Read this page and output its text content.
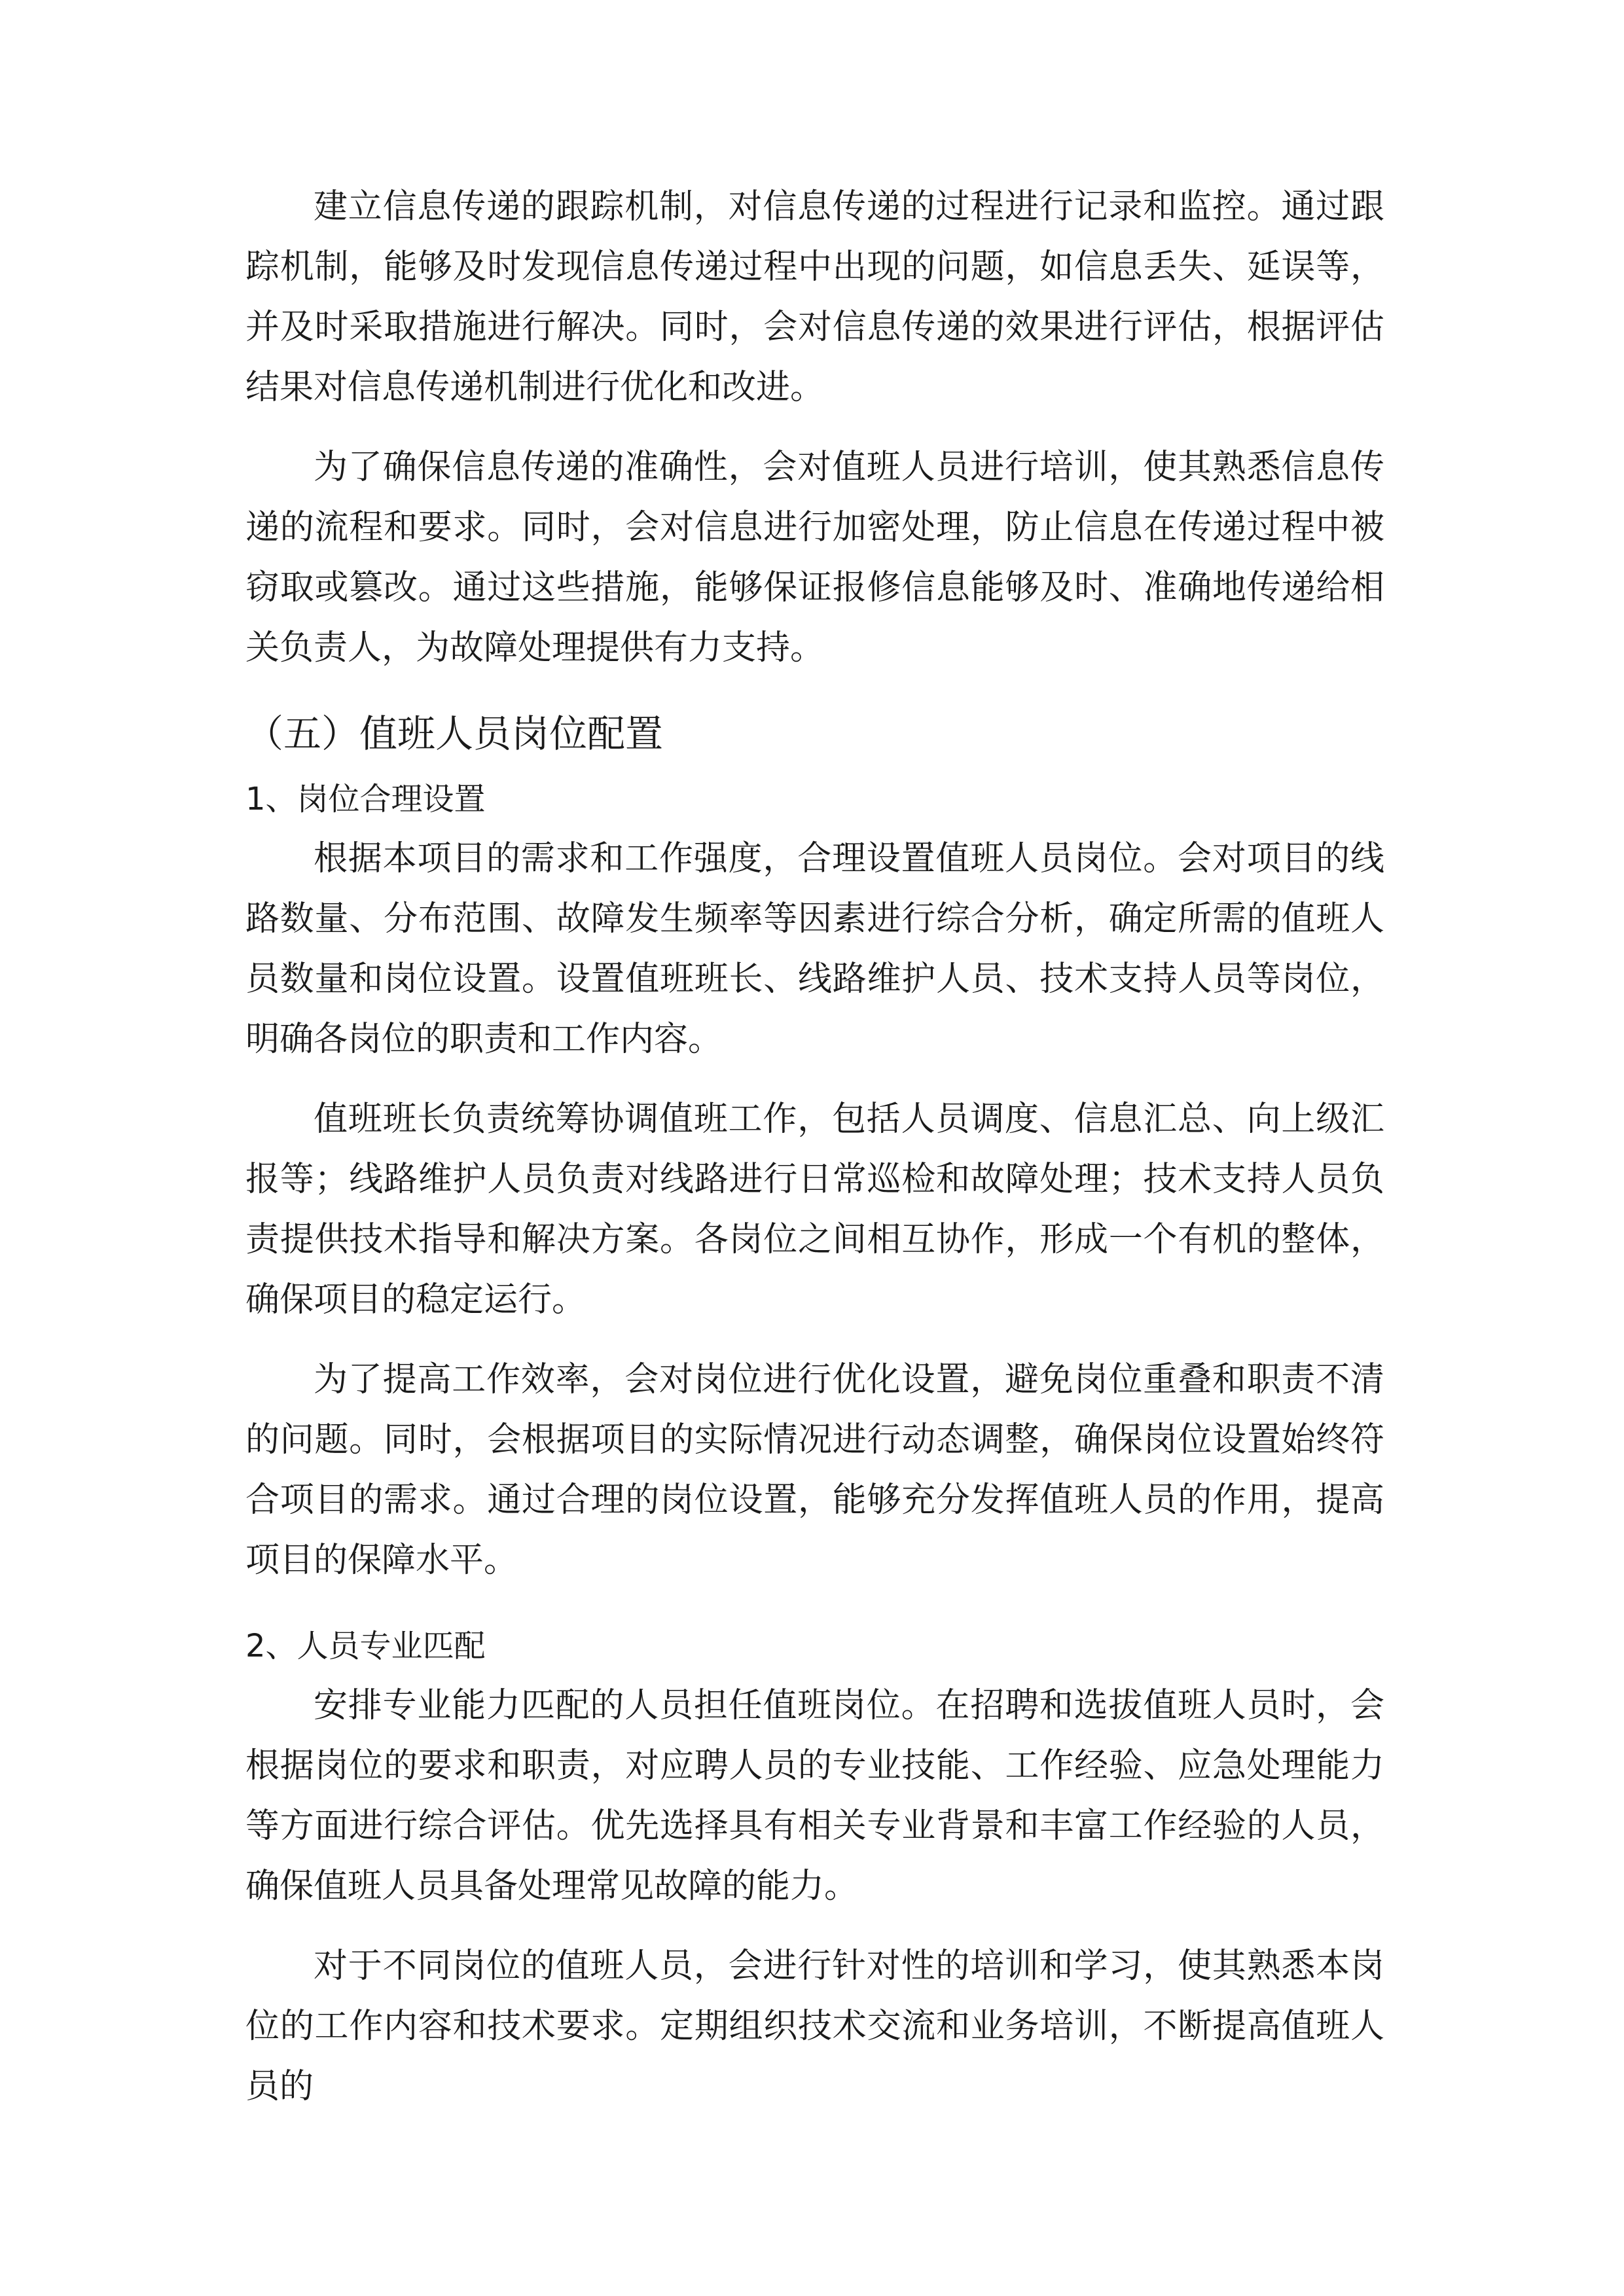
建立信息传递的跟踪机制，对信息传递的过程进行记录和监控。通过跟踪机制，能够及时发现信息传递过程中出现的问题，如信息丢失、延误等，并及时采取措施进行解决。同时，会对信息传递的效果进行评估，根据评估结果对信息传递机制进行优化和改进。

为了确保信息传递的准确性，会对值班人员进行培训，使其熟悉信息传递的流程和要求。同时，会对信息进行加密处理，防止信息在传递过程中被窃取或篡改。通过这些措施，能够保证报修信息能够及时、准确地传递给相关负责人，为故障处理提供有力支持。

（五）值班人员岗位配置
1、岗位合理设置

根据本项目的需求和工作强度，合理设置值班人员岗位。会对项目的线路数量、分布范围、故障发生频率等因素进行综合分析，确定所需的值班人员数量和岗位设置。设置值班班长、线路维护人员、技术支持人员等岗位，明确各岗位的职责和工作内容。

值班班长负责统筹协调值班工作，包括人员调度、信息汇总、向上级汇报等；线路维护人员负责对线路进行日常巡检和故障处理；技术支持人员负责提供技术指导和解决方案。各岗位之间相互协作，形成一个有机的整体，确保项目的稳定运行。

为了提高工作效率，会对岗位进行优化设置，避免岗位重叠和职责不清的问题。同时，会根据项目的实际情况进行动态调整，确保岗位设置始终符合项目的需求。通过合理的岗位设置，能够充分发挥值班人员的作用，提高项目的保障水平。

2、人员专业匹配

安排专业能力匹配的人员担任值班岗位。在招聘和选拔值班人员时，会根据岗位的要求和职责，对应聘人员的专业技能、工作经验、应急处理能力等方面进行综合评估。优先选择具有相关专业背景和丰富工作经验的人员，确保值班人员具备处理常见故障的能力。

对于不同岗位的值班人员，会进行针对性的培训和学习，使其熟悉本岗位的工作内容和技术要求。定期组织技术交流和业务培训，不断提高值班人员的
